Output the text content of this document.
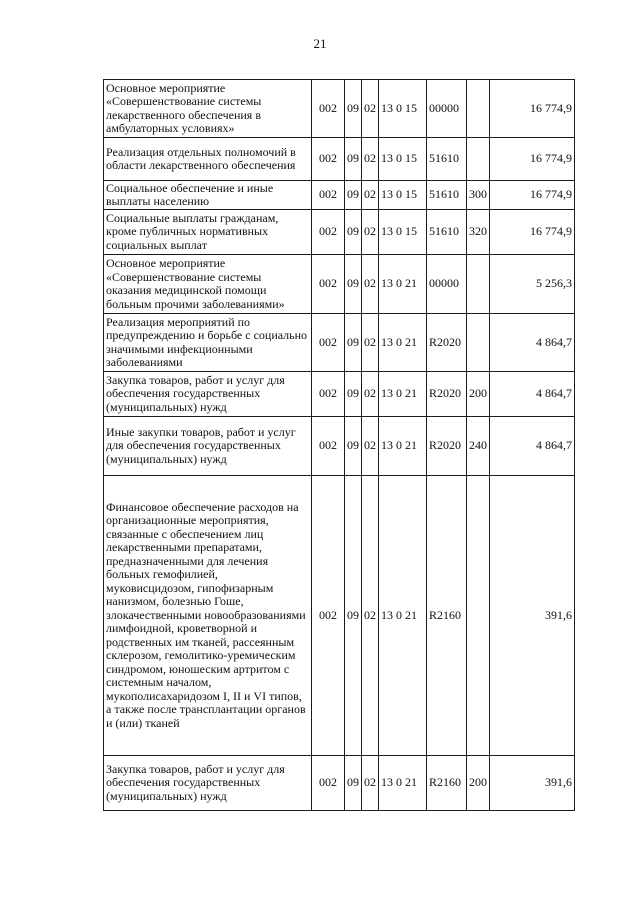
21
Основное мероприятие «Совершенствование системы лекарственного обеспечения в амбулаторных условиях»	002	09	02	13 0 15	00000		16 774,9
Реализация отдельных полномочий в области лекарственного обеспечения	002	09	02	13 0 15	51610		16 774,9
Социальное обеспечение и иные выплаты населению	002	09	02	13 0 15	51610	300	16 774,9
Социальные выплаты гражданам, кроме публичных нормативных социальных выплат	002	09	02	13 0 15	51610	320	16 774,9
Основное мероприятие «Совершенствование системы оказания медицинской помощи больным прочими заболеваниями»	002	09	02	13 0 21	00000		5 256,3
Реализация мероприятий по предупреждению и борьбе с социально значимыми инфекционными заболеваниями	002	09	02	13 0 21	R2020		4 864,7
Закупка товаров, работ и услуг для обеспечения государственных (муниципальных) нужд	002	09	02	13 0 21	R2020	200	4 864,7
Иные закупки товаров, работ и услуг для обеспечения государственных (муниципальных) нужд	002	09	02	13 0 21	R2020	240	4 864,7
Финансовое обеспечение расходов на организационные мероприятия, связанные с обеспечением лиц лекарственными препаратами, предназначенными для лечения больных гемофилией, муковисцидозом, гипофизарным нанизмом, болезнью Гоше, злокачественными новообразованиями лимфоидной, кроветворной и родственных им тканей, рассеянным склерозом, гемолитико-уремическим синдромом, юношеским артритом с системным началом, мукополисахаридозом I, II и VI типов, а также после трансплантации органов и (или) тканей	002	09	02	13 0 21	R2160		391,6
Закупка товаров, работ и услуг для обеспечения государственных (муниципальных) нужд	002	09	02	13 0 21	R2160	200	391,6
